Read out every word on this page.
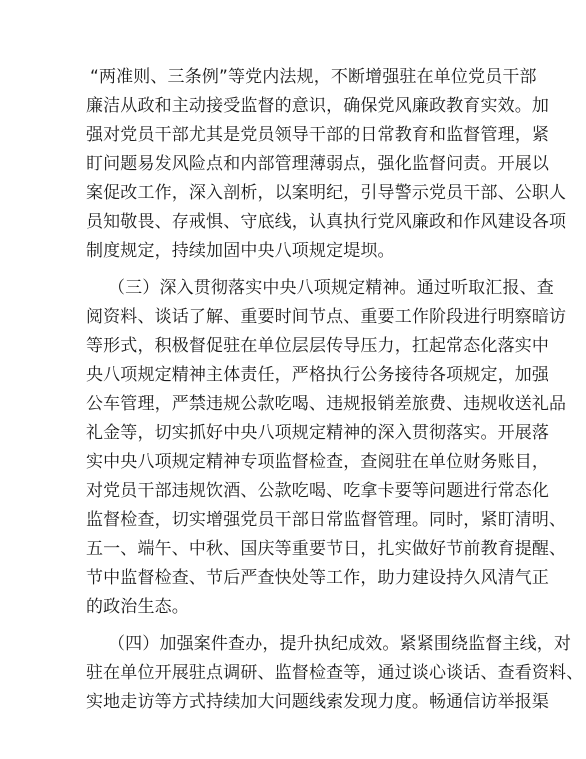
“两准则、三条例”等党内法规，不断增强驻在单位党员干部
廉洁从政和主动接受监督的意识，确保党风廉政教育实效。加
强对党员干部尤其是党员领导干部的日常教育和监督管理，紧
盯问题易发风险点和内部管理薄弱点，强化监督问责。开展以
案促改工作，深入剖析，以案明纪，引导警示党员干部、公职人
员知敬畏、存戒惧、守底线，认真执行党风廉政和作风建设各项
制度规定，持续加固中央八项规定堤坝。
（三）深入贯彻落实中央八项规定精神。通过听取汇报、查
阅资料、谈话了解、重要时间节点、重要工作阶段进行明察暗访
等形式，积极督促驻在单位层层传导压力，扛起常态化落实中
央八项规定精神主体责任，严格执行公务接待各项规定，加强
公车管理，严禁违规公款吃喝、违规报销差旅费、违规收送礼品
礼金等，切实抓好中央八项规定精神的深入贯彻落实。开展落
实中央八项规定精神专项监督检查，查阅驻在单位财务账目，
对党员干部违规饮酒、公款吃喝、吃拿卡要等问题进行常态化
监督检查，切实增强党员干部日常监督管理。同时，紧盯清明、
五一、端午、中秋、国庆等重要节日，扎实做好节前教育提醒、
节中监督检查、节后严查快处等工作，助力建设持久风清气正
的政治生态。
（四）加强案件查办，提升执纪成效。紧紧围绕监督主线，对
驻在单位开展驻点调研、监督检查等，通过谈心谈话、查看资料、
实地走访等方式持续加大问题线索发现力度。畅通信访举报渠
